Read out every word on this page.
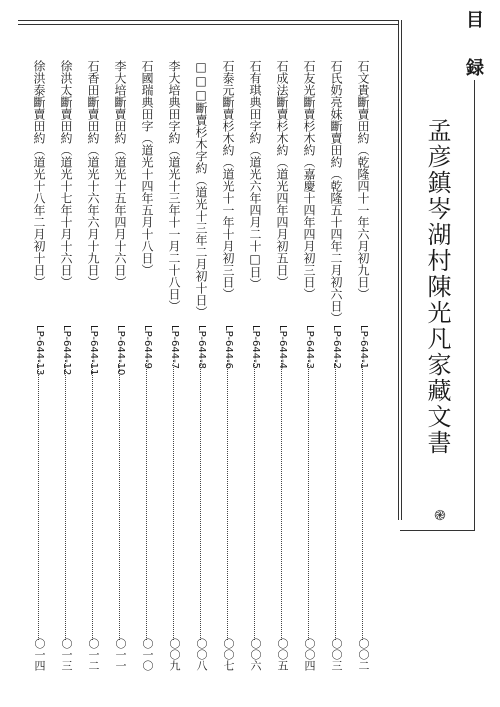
目
録
֎
孟彦鎮岑湖村陳光凡家藏文書
石文貴斷賣田約（乾隆四十一年六月初九日）
LP-644-1
〇〇二
石氏奶亮妹斷賣田約（乾隆五十四年二月初六日）
LP-644-2
〇〇三
石友光斷賣杉木約（嘉慶十四年四月初三日）
LP-644-3
〇〇四
石成法斷賣杉木約（道光四年四月初五日）
LP-644-4
〇〇五
石有琪典田字約（道光六年四月二十□日）
LP-644-5
〇〇六
石泰元斷賣杉木約（道光十一年十月初三日）
LP-644-6
〇〇七
□□□斷賣杉木字約（道光十三年二月初十日）
LP-644-8
〇〇八
李大培典田字約（道光十三年十一月二十八日）
LP-644-7
〇〇九
石國瑞典田字（道光十四年五月十八日）
LP-644-9
〇一〇
李大培斷賣田約（道光十五年四月十六日）
LP-644-10
〇一一
石香田斷賣田約（道光十六年六月十九日）
LP-644-11
〇一二
徐洪太斷賣田約（道光十七年十月十六日）
LP-644-12
〇一三
徐洪泰斷賣田約（道光十八年二月初十日）
LP-644-13
〇一四
